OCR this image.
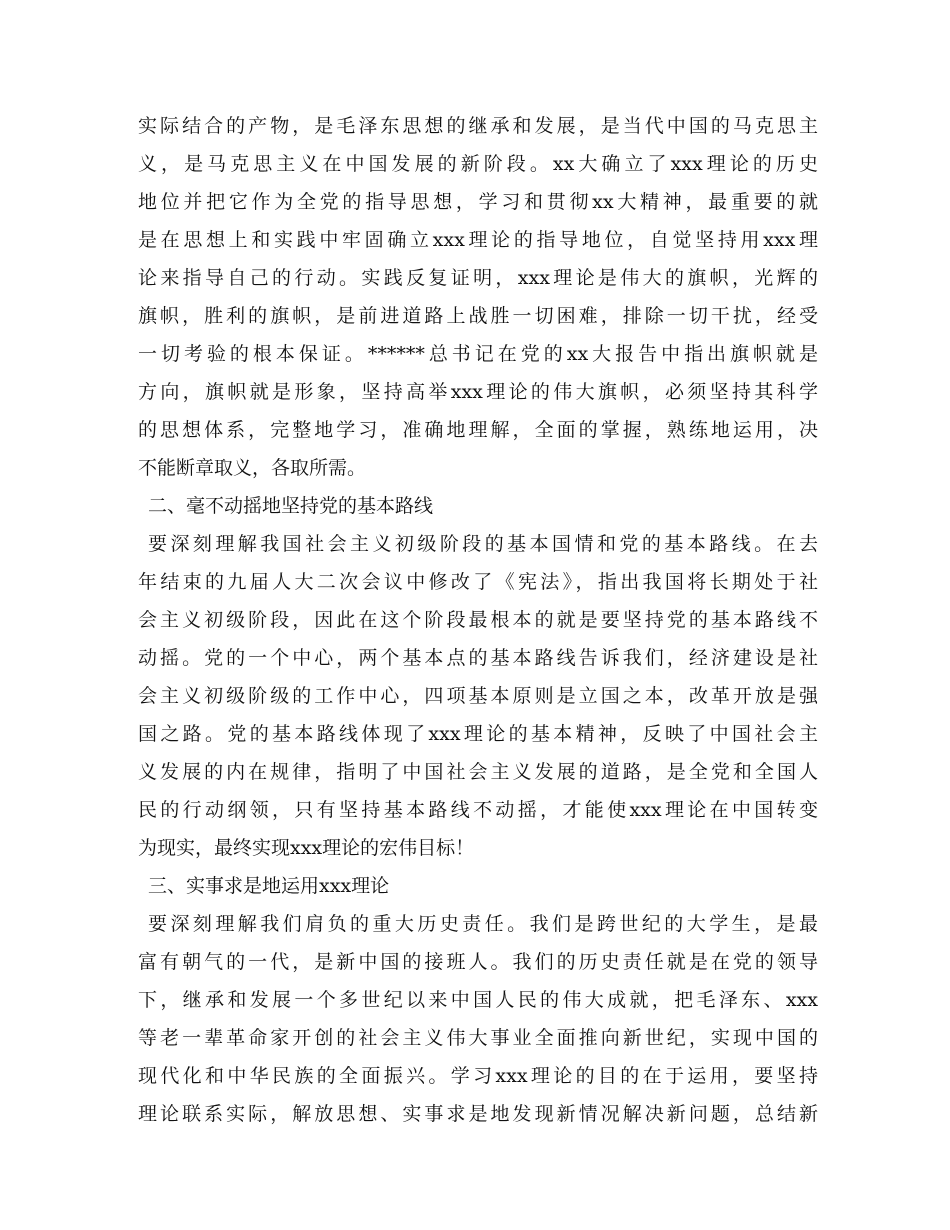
实际结合的产物，是毛泽东思想的继承和发展，是当代中国的马克思主
义，是马克思主义在中国发展的新阶段。xx大确立了xxx理论的历史
地位并把它作为全党的指导思想，学习和贯彻xx大精神，最重要的就
是在思想上和实践中牢固确立xxx理论的指导地位，自觉坚持用xxx理
论来指导自己的行动。实践反复证明，xxx理论是伟大的旗帜，光辉的
旗帜，胜利的旗帜，是前进道路上战胜一切困难，排除一切干扰，经受
一切考验的根本保证。******总书记在党的xx大报告中指出旗帜就是
方向，旗帜就是形象，坚持高举xxx理论的伟大旗帜，必须坚持其科学
的思想体系，完整地学习，准确地理解，全面的掌握，熟练地运用，决
不能断章取义，各取所需。
二、毫不动摇地坚持党的基本路线
要深刻理解我国社会主义初级阶段的基本国情和党的基本路线。在去
年结束的九届人大二次会议中修改了《宪法》，指出我国将长期处于社
会主义初级阶段，因此在这个阶段最根本的就是要坚持党的基本路线不
动摇。党的一个中心，两个基本点的基本路线告诉我们，经济建设是社
会主义初级阶级的工作中心，四项基本原则是立国之本，改革开放是强
国之路。党的基本路线体现了xxx理论的基本精神，反映了中国社会主
义发展的内在规律，指明了中国社会主义发展的道路，是全党和全国人
民的行动纲领，只有坚持基本路线不动摇，才能使xxx理论在中国转变
为现实，最终实现xxx理论的宏伟目标！
三、实事求是地运用xxx理论
要深刻理解我们肩负的重大历史责任。我们是跨世纪的大学生，是最
富有朝气的一代，是新中国的接班人。我们的历史责任就是在党的领导
下，继承和发展一个多世纪以来中国人民的伟大成就，把毛泽东、xxx
等老一辈革命家开创的社会主义伟大事业全面推向新世纪，实现中国的
现代化和中华民族的全面振兴。学习xxx理论的目的在于运用，要坚持
理论联系实际，解放思想、实事求是地发现新情况解决新问题，总结新
